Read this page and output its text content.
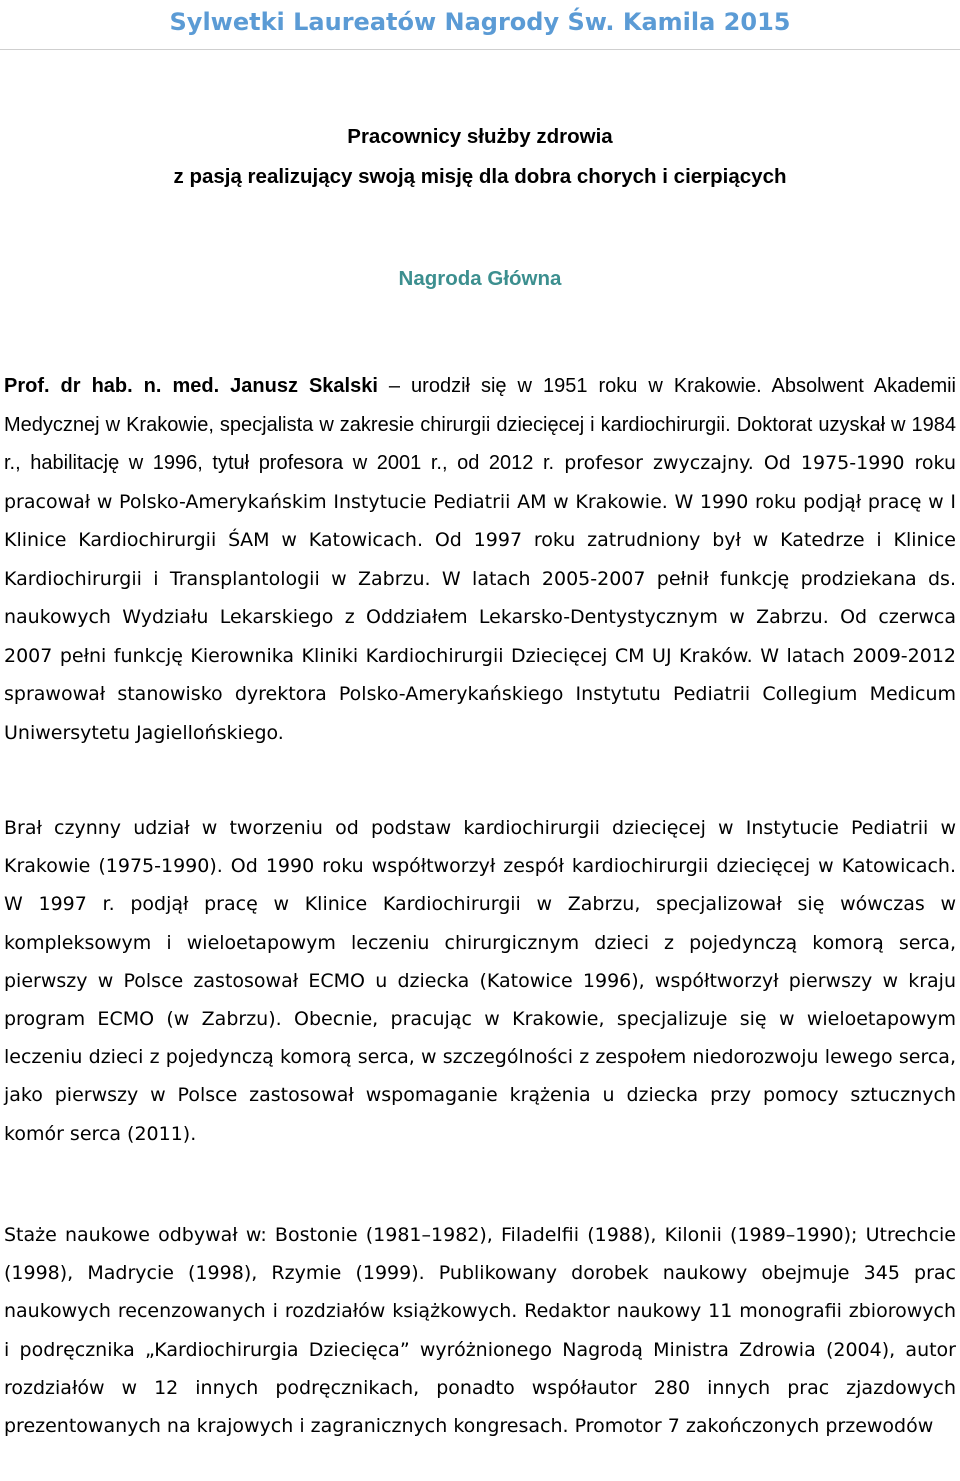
Sylwetki Laureatów Nagrody Św. Kamila 2015

Pracownicy służby zdrowia

z pasją realizujący swoją misję dla dobra chorych i cierpiących

Nagroda Główna

Prof. dr hab. n. med. Janusz Skalski – urodził się w 1951 roku w Krakowie. Absolwent Akademii Medycznej w Krakowie, specjalista w zakresie chirurgii dziecięcej i kardiochirurgii. Doktorat uzyskał w 1984 r., habilitację w 1996, tytuł profesora w 2001 r., od 2012 r. profesor zwyczajny. Od 1975-1990 roku pracował w Polsko-Amerykańskim Instytucie Pediatrii AM w Krakowie. W 1990 roku podjął pracę w I Klinice Kardiochirurgii ŚAM w Katowicach. Od 1997 roku zatrudniony był w Katedrze i Klinice Kardiochirurgii i Transplantologii w Zabrzu. W latach 2005-2007 pełnił funkcję prodziekana ds. naukowych Wydziału Lekarskiego z Oddziałem Lekarsko-Dentystycznym w Zabrzu. Od czerwca 2007 pełni funkcję Kierownika Kliniki Kardiochirurgii Dziecięcej CM UJ Kraków. W latach 2009-2012 sprawował stanowisko dyrektora Polsko-Amerykańskiego Instytutu Pediatrii Collegium Medicum Uniwersytetu Jagiellońskiego.

Brał czynny udział w tworzeniu od podstaw kardiochirurgii dziecięcej w Instytucie Pediatrii w Krakowie (1975-1990). Od 1990 roku współtworzył zespół kardiochirurgii dziecięcej w Katowicach. W 1997 r. podjął pracę w Klinice Kardiochirurgii w Zabrzu, specjalizował się wówczas w kompleksowym i wieloetapowym leczeniu chirurgicznym dzieci z pojedynczą komorą serca, pierwszy w Polsce zastosował ECMO u dziecka (Katowice 1996), współtworzył pierwszy w kraju program ECMO (w Zabrzu). Obecnie, pracując w Krakowie, specjalizuje się w wieloetapowym leczeniu dzieci z pojedynczą komorą serca, w szczególności z zespołem niedorozwoju lewego serca, jako pierwszy w Polsce zastosował wspomaganie krążenia u dziecka przy pomocy sztucznych komór serca (2011).

Staże naukowe odbywał w: Bostonie (1981–1982), Filadelfii (1988), Kilonii (1989–1990); Utrechcie (1998), Madrycie (1998), Rzymie (1999). Publikowany dorobek naukowy obejmuje 345 prac naukowych recenzowanych i rozdziałów książkowych. Redaktor naukowy 11 monografii zbiorowych i podręcznika „Kardiochirurgia Dziecięca” wyróżnionego Nagrodą Ministra Zdrowia (2004), autor rozdziałów w 12 innych podręcznikach, ponadto współautor 280 innych prac zjazdowych prezentowanych na krajowych i zagranicznych kongresach. Promotor 7 zakończonych przewodów
